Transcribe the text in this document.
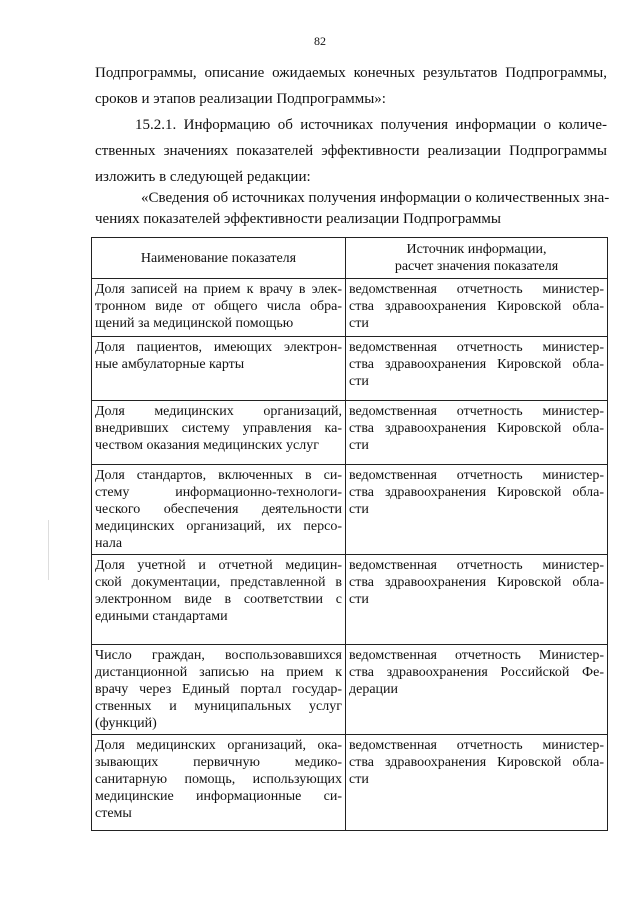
82
Подпрограммы, описание ожидаемых конечных результатов Подпрограммы,
сроков и этапов реализации Подпрограммы»:
15.2.1. Информацию об источниках получения информации о количе-
ственных значениях показателей эффективности реализации Подпрограммы
изложить в следующей редакции:
«Сведения об источниках получения информации о количественных зна-
чениях показателей эффективности реализации Подпрограммы
Наименование показателя	Источник информации,
расчет значения показателя

Доля записей на прием к врачу в элек-
тронном виде от общего числа обра-
щений за медицинской помощью	ведомственная отчетность министер-
ства здравоохранения Кировской обла-
сти

Доля пациентов, имеющих электрон-
ные амбулаторные карты	ведомственная отчетность министер-
ства здравоохранения Кировской обла-
сти

Доля медицинских организаций,
внедривших систему управления ка-
чеством оказания медицинских услуг	ведомственная отчетность министер-
ства здравоохранения Кировской обла-
сти

Доля стандартов, включенных в си-
стему информационно-технологи-
ческого обеспечения деятельности
медицинских организаций, их персо-
нала	ведомственная отчетность министер-
ства здравоохранения Кировской обла-
сти

Доля учетной и отчетной медицин-
ской документации, представленной в
электронном виде в соответствии с
едиными стандартами	ведомственная отчетность министер-
ства здравоохранения Кировской обла-
сти

Число граждан, воспользовавшихся
дистанционной записью на прием к
врачу через Единый портал государ-
ственных и муниципальных услуг
(функций)	ведомственная отчетность Министер-
ства здравоохранения Российской Фе-
дерации

Доля медицинских организаций, ока-
зывающих первичную медико-
санитарную помощь, использующих
медицинские информационные си-
стемы	ведомственная отчетность министер-
ства здравоохранения Кировской обла-
сти
